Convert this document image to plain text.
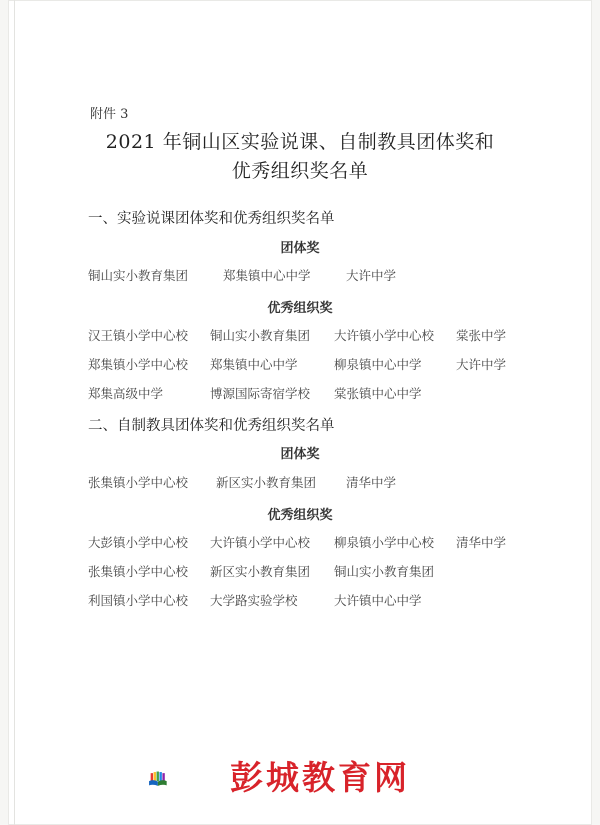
附件 3
2021 年铜山区实验说课、自制教具团体奖和
优秀组织奖名单
一、实验说课团体奖和优秀组织奖名单
团体奖
铜山实小教育集团	郑集镇中心中学	大许中学
优秀组织奖
汉王镇小学中心校 铜山实小教育集团 大许镇小学中心校 棠张中学
郑集镇小学中心校 郑集镇中心中学	柳泉镇中心中学	大许中学
郑集高级中学	博源国际寄宿学校 棠张镇中心中学
二、自制教具团体奖和优秀组织奖名单
团体奖
张集镇小学中心校 新区实小教育集团 清华中学
优秀组织奖
大彭镇小学中心校 大许镇小学中心校 柳泉镇小学中心校 清华中学
张集镇小学中心校 新区实小教育集团 铜山实小教育集团
利国镇小学中心校 大学路实验学校	大许镇中心中学
彭城教育网
